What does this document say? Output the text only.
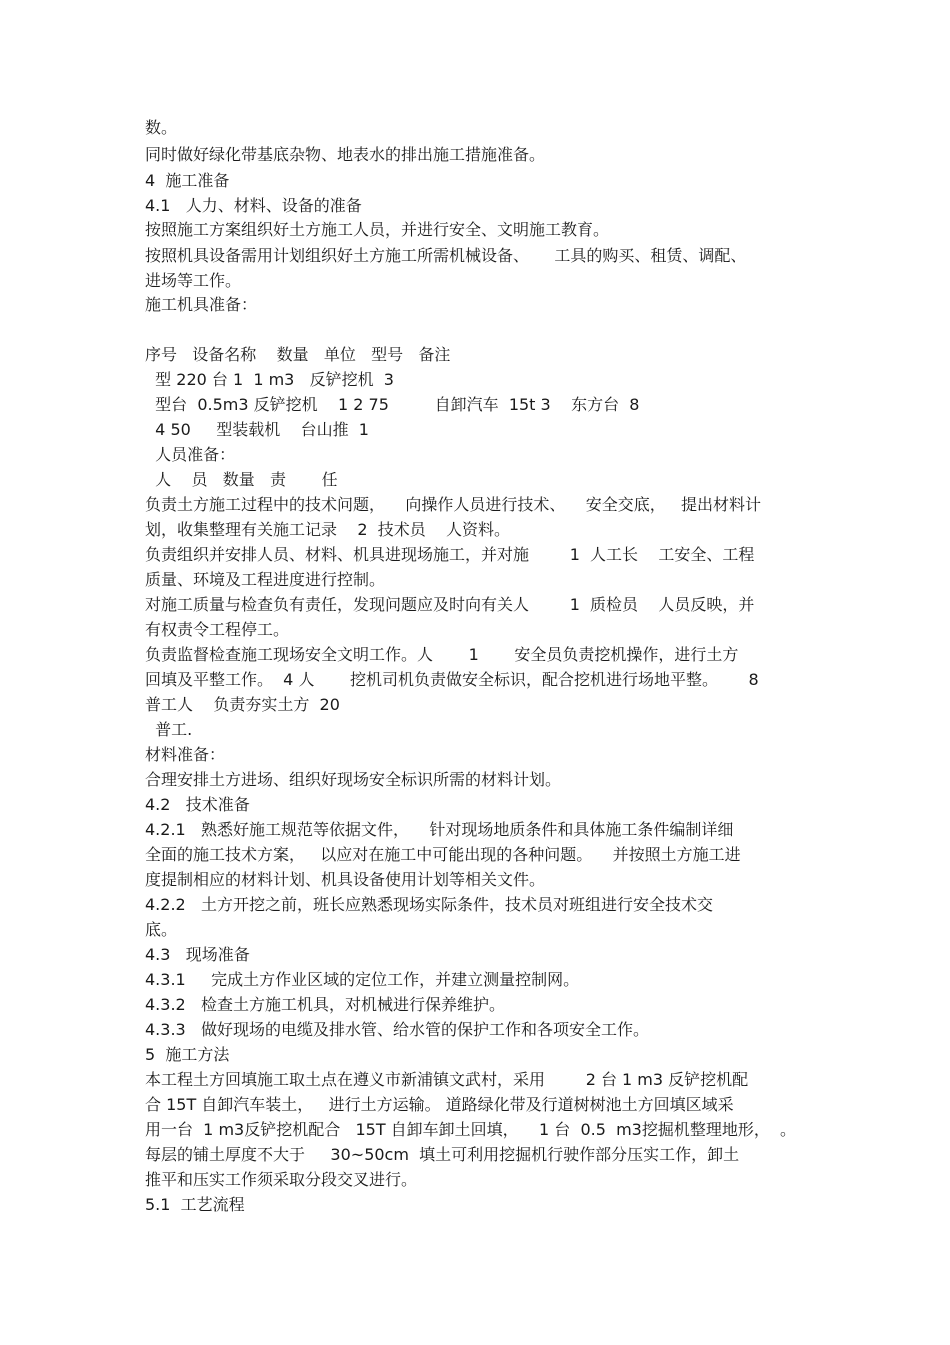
数。
同时做好绿化带基底杂物、地表水的排出施工措施准备。
4  施工准备
4.1   人力、材料、设备的准备
按照施工方案组织好土方施工人员，并进行安全、文明施工教育。
按照机具设备需用计划组织好土方施工所需机械设备、     工具的购买、租赁、调配、
进场等工作。
施工机具准备：
序号   设备名称    数量   单位   型号   备注
型 220 台 1  1 m3   反铲挖机  3
型台  0.5m3 反铲挖机    1 2 75         自卸汽车  15t 3    东方台  8
4 50     型装载机    台山推  1
人员准备：
人    员   数量   责       任
负责土方施工过程中的技术问题，    向操作人员进行技术、    安全交底，   提出材料计
划，收集整理有关施工记录    2  技术员    人资料。
负责组织并安排人员、材料、机具进现场施工，并对施        1  人工长    工安全、工程
质量、环境及工程进度进行控制。
对施工质量与检查负有责任，发现问题应及时向有关人        1  质检员    人员反映，并
有权责令工程停工。
负责监督检查施工现场安全文明工作。人       1       安全员负责挖机操作，进行土方
回填及平整工作。  4 人       挖机司机负责做安全标识，配合挖机进行场地平整。      8
普工人    负责夯实土方  20
普工.
材料准备：
合理安排土方进场、组织好现场安全标识所需的材料计划。
4.2   技术准备
4.2.1   熟悉好施工规范等依据文件，    针对现场地质条件和具体施工条件编制详细
全面的施工技术方案，   以应对在施工中可能出现的各种问题。    并按照土方施工进
度提制相应的材料计划、机具设备使用计划等相关文件。
4.2.2   土方开挖之前，班长应熟悉现场实际条件，技术员对班组进行安全技术交
底。
4.3   现场准备
4.3.1     完成土方作业区域的定位工作，并建立测量控制网。
4.3.2   检查土方施工机具，对机械进行保养维护。
4.3.3   做好现场的电缆及排水管、给水管的保护工作和各项安全工作。
5  施工方法
本工程土方回填施工取土点在遵义市新浦镇文武村，采用        2 台 1 m3 反铲挖机配
合 15T 自卸汽车装土，   进行土方运输。 道路绿化带及行道树树池土方回填区域采
用一台  1 m3反铲挖机配合   15T 自卸车卸土回填，    1 台  0.5  m3挖掘机整理地形，  。
每层的铺土厚度不大于     30~50cm  填土可利用挖掘机行驶作部分压实工作，卸土
推平和压实工作须采取分段交叉进行。
5.1  工艺流程
